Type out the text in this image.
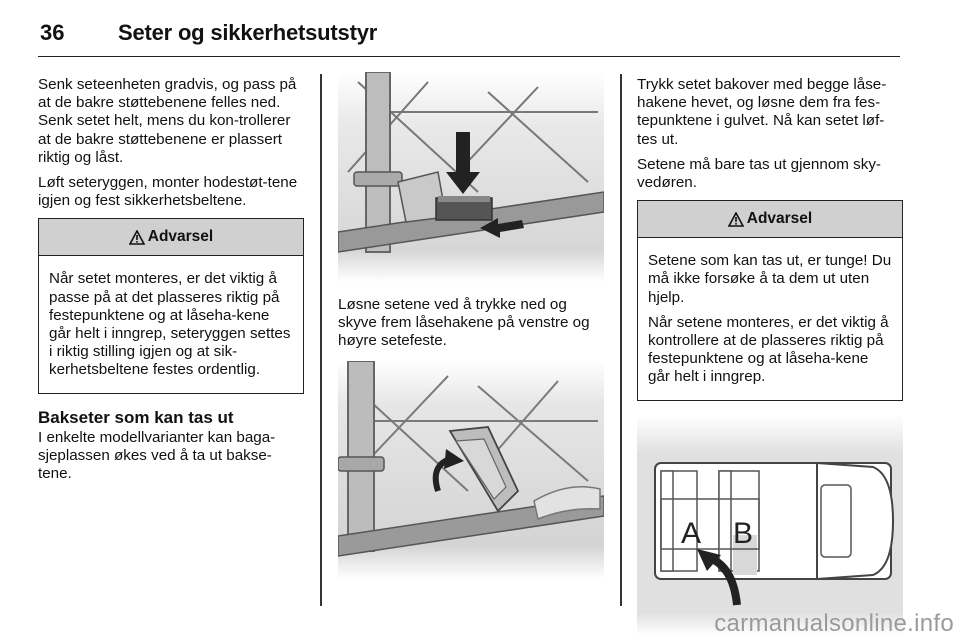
36 Seter og sikkerhetsutstyr

Senk seteenheten gradvis, og pass på at de bakre støttebenene felles ned. Senk setet helt, mens du kon-trollerer at de bakre støttebenene er plassert riktig og låst.

Løft seteryggen, monter hodestøt-tene igjen og fest sikkerhetsbeltene.

Advarsel

Når setet monteres, er det viktig å passe på at det plasseres riktig på festepunktene og at låseha-kene går helt i inngrep, seteryggen settes i riktig stilling igjen og at sik-kerhetsbeltene festes ordentlig.

Bakseter som kan tas ut

I enkelte modellvarianter kan baga-sjeplassen økes ved å ta ut bakse-tene.

Løsne setene ved å trykke ned og skyve frem låsehakene på venstre og høyre setefeste.

Trykk setet bakover med begge låse-hakene hevet, og løsne dem fra fes-tepunktene i gulvet. Nå kan setet løf-tes ut.

Setene må bare tas ut gjennom sky-vedøren.

Advarsel

Setene som kan tas ut, er tunge! Du må ikke forsøke å ta dem ut uten hjelp.

Når setene monteres, er det viktig å kontrollere at de plasseres riktig på festepunktene og at låseha-kene går helt i inngrep.

A B
carmanualsonline.info
